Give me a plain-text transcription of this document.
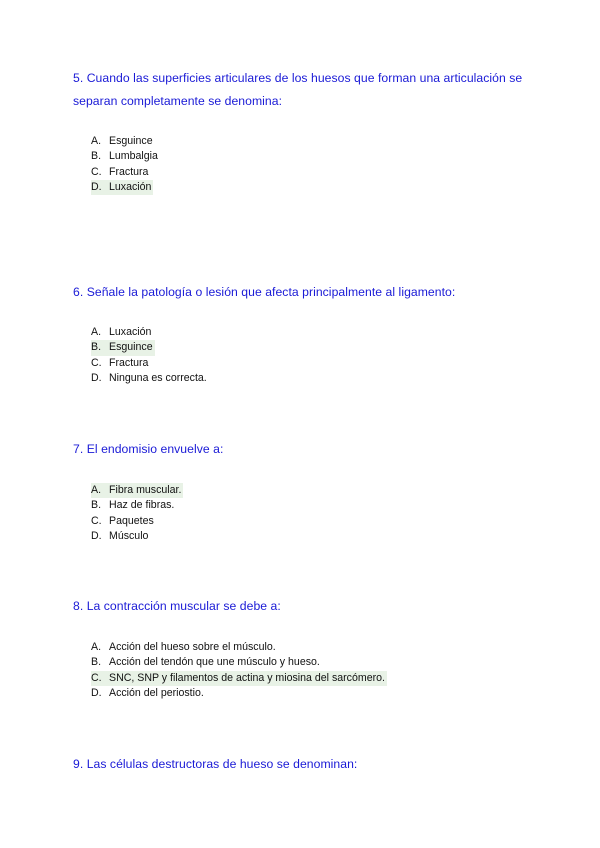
5. Cuando las superficies articulares de los huesos que forman una articulación se separan completamente se denomina:

A. Esguince
B. Lumbalgia
C. Fractura
D. Luxación

6. Señale la patología o lesión que afecta principalmente al ligamento:

A. Luxación
B. Esguince
C. Fractura
D. Ninguna es correcta.

7. El endomisio envuelve a:

A. Fibra muscular.
B. Haz de fibras.
C. Paquetes
D. Músculo

8. La contracción muscular se debe a:

A. Acción del hueso sobre el músculo.
B. Acción del tendón que une músculo y hueso.
C. SNC, SNP y filamentos de actina y miosina del sarcómero.
D. Acción del periostio.

9. Las células destructoras de hueso se denominan:
